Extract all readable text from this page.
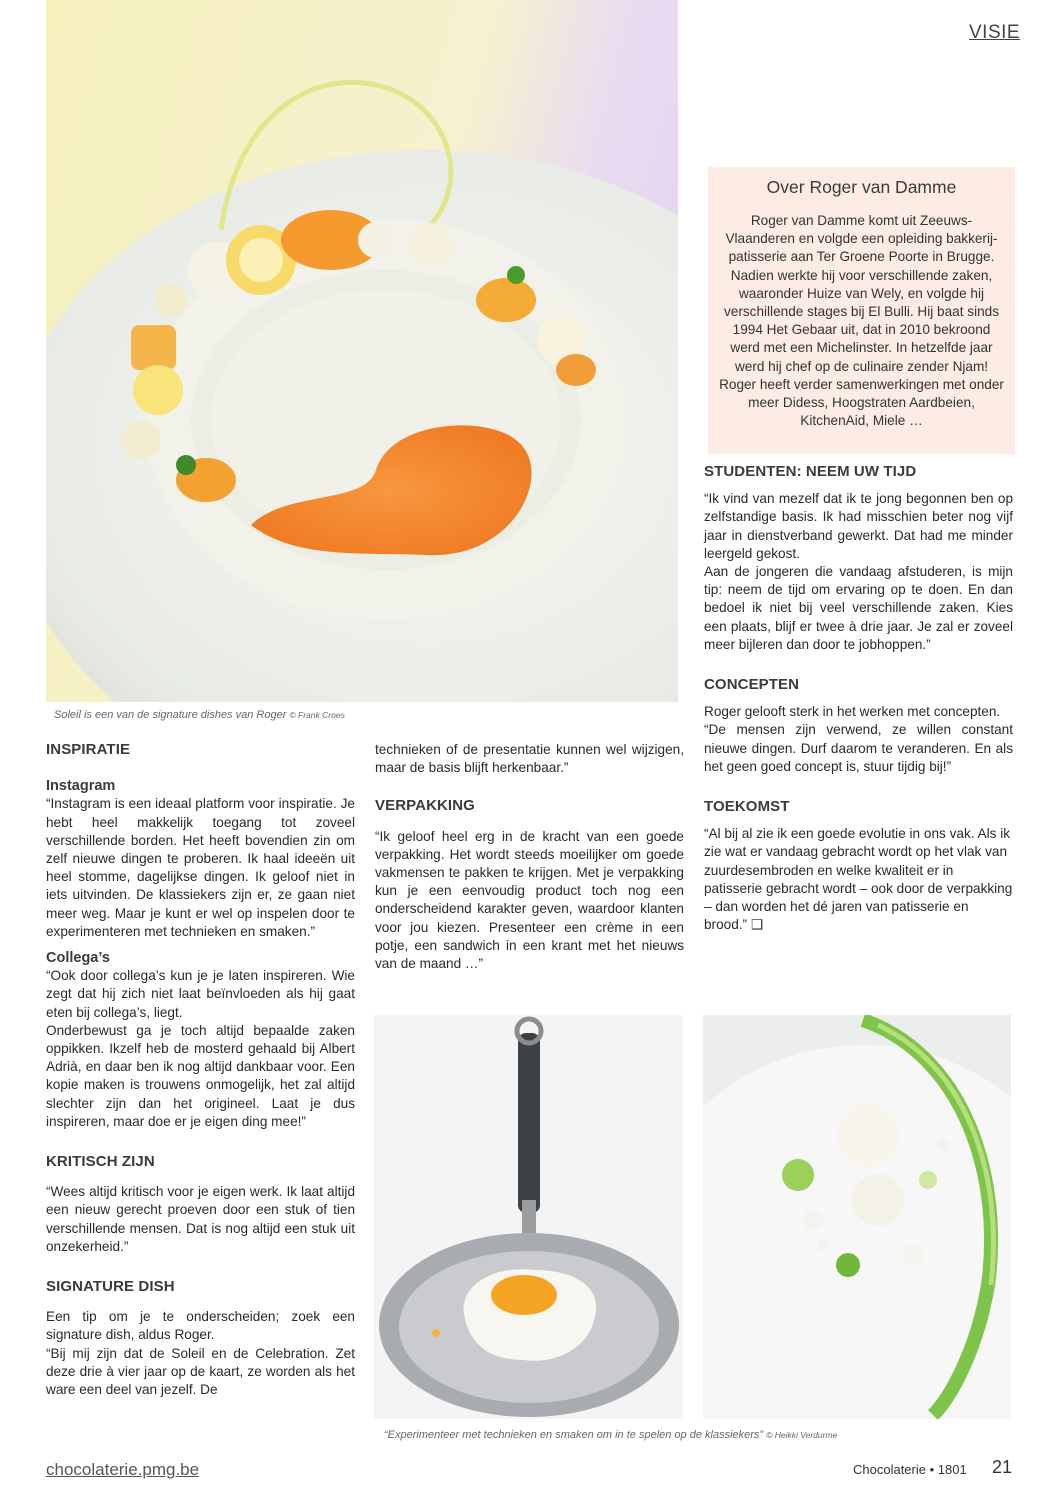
VISIE
Soleil is een van de signature dishes van Roger © Frank Croes
Over Roger van Damme

Roger van Damme komt uit Zeeuws-Vlaanderen en volgde een opleiding bakkerij-patisserie aan Ter Groene Poorte in Brugge. Nadien werkte hij voor verschillende zaken, waaronder Huize van Wely, en volgde hij verschillende stages bij El Bulli. Hij baat sinds 1994 Het Gebaar uit, dat in 2010 bekroond werd met een Michelinster. In hetzelfde jaar werd hij chef op de culinaire zender Njam! Roger heeft verder samenwerkingen met onder meer Didess, Hoogstraten Aardbeien, KitchenAid, Miele …

STUDENTEN: NEEM UW TIJD

“Ik vind van mezelf dat ik te jong begonnen ben op zelfstandige basis. Ik had misschien beter nog vijf jaar in dienstverband gewerkt. Dat had me minder leergeld gekost.

Aan de jongeren die vandaag afstuderen, is mijn tip: neem de tijd om ervaring op te doen. En dan bedoel ik niet bij veel verschillende zaken. Kies een plaats, blijf er twee à drie jaar. Je zal er zoveel meer bijleren dan door te jobhoppen.”

CONCEPTEN

Roger gelooft sterk in het werken met concepten.

“De mensen zijn verwend, ze willen constant nieuwe dingen. Durf daarom te veranderen. En als het geen goed concept is, stuur tijdig bij!”

TOEKOMST

“Al bij al zie ik een goede evolutie in ons vak. Als ik zie wat er vandaag gebracht wordt op het vlak van zuurdesembroden en welke kwaliteit er in patisserie gebracht wordt – ook door de verpakking – dan worden het dé jaren van patisserie en brood.” ❑

INSPIRATIE
Instagram

“Instagram is een ideaal platform voor inspiratie. Je hebt heel makkelijk toegang tot zoveel verschillende borden. Het heeft bovendien zin om zelf nieuwe dingen te proberen. Ik haal ideeën uit heel stomme, dagelijkse dingen. Ik geloof niet in iets uitvinden. De klassiekers zijn er, ze gaan niet meer weg. Maar je kunt er wel op inspelen door te experimenteren met technieken en smaken.”

Collega’s

“Ook door collega’s kun je je laten inspireren. Wie zegt dat hij zich niet laat beïnvloeden als hij gaat eten bij collega’s, liegt.

Onderbewust ga je toch altijd bepaalde zaken oppikken. Ikzelf heb de mosterd gehaald bij Albert Adrià, en daar ben ik nog altijd dankbaar voor. Een kopie maken is trouwens onmogelijk, het zal altijd slechter zijn dan het origineel. Laat je dus inspireren, maar doe er je eigen ding mee!”

KRITISCH ZIJN

“Wees altijd kritisch voor je eigen werk. Ik laat altijd een nieuw gerecht proeven door een stuk of tien verschillende mensen. Dat is nog altijd een stuk uit onzekerheid.”

SIGNATURE DISH

Een tip om je te onderscheiden; zoek een signature dish, aldus Roger.

“Bij mij zijn dat de Soleil en de Celebration. Zet deze drie à vier jaar op de kaart, ze worden als het ware een deel van jezelf. De

technieken of de presentatie kunnen wel wijzigen, maar de basis blijft herkenbaar.”

VERPAKKING

“Ik geloof heel erg in de kracht van een goede verpakking. Het wordt steeds moeilijker om goede vakmensen te pakken te krijgen. Met je verpakking kun je een eenvoudig product toch nog een onderscheidend karakter geven, waardoor klanten voor jou kiezen. Presenteer een crème in een potje, een sandwich in een krant met het nieuws van de maand …”

“Experimenteer met technieken en smaken om in te spelen op de klassiekers” © Heikki Verdurme
chocolaterie.pmg.be	Chocolaterie • 1801 21
